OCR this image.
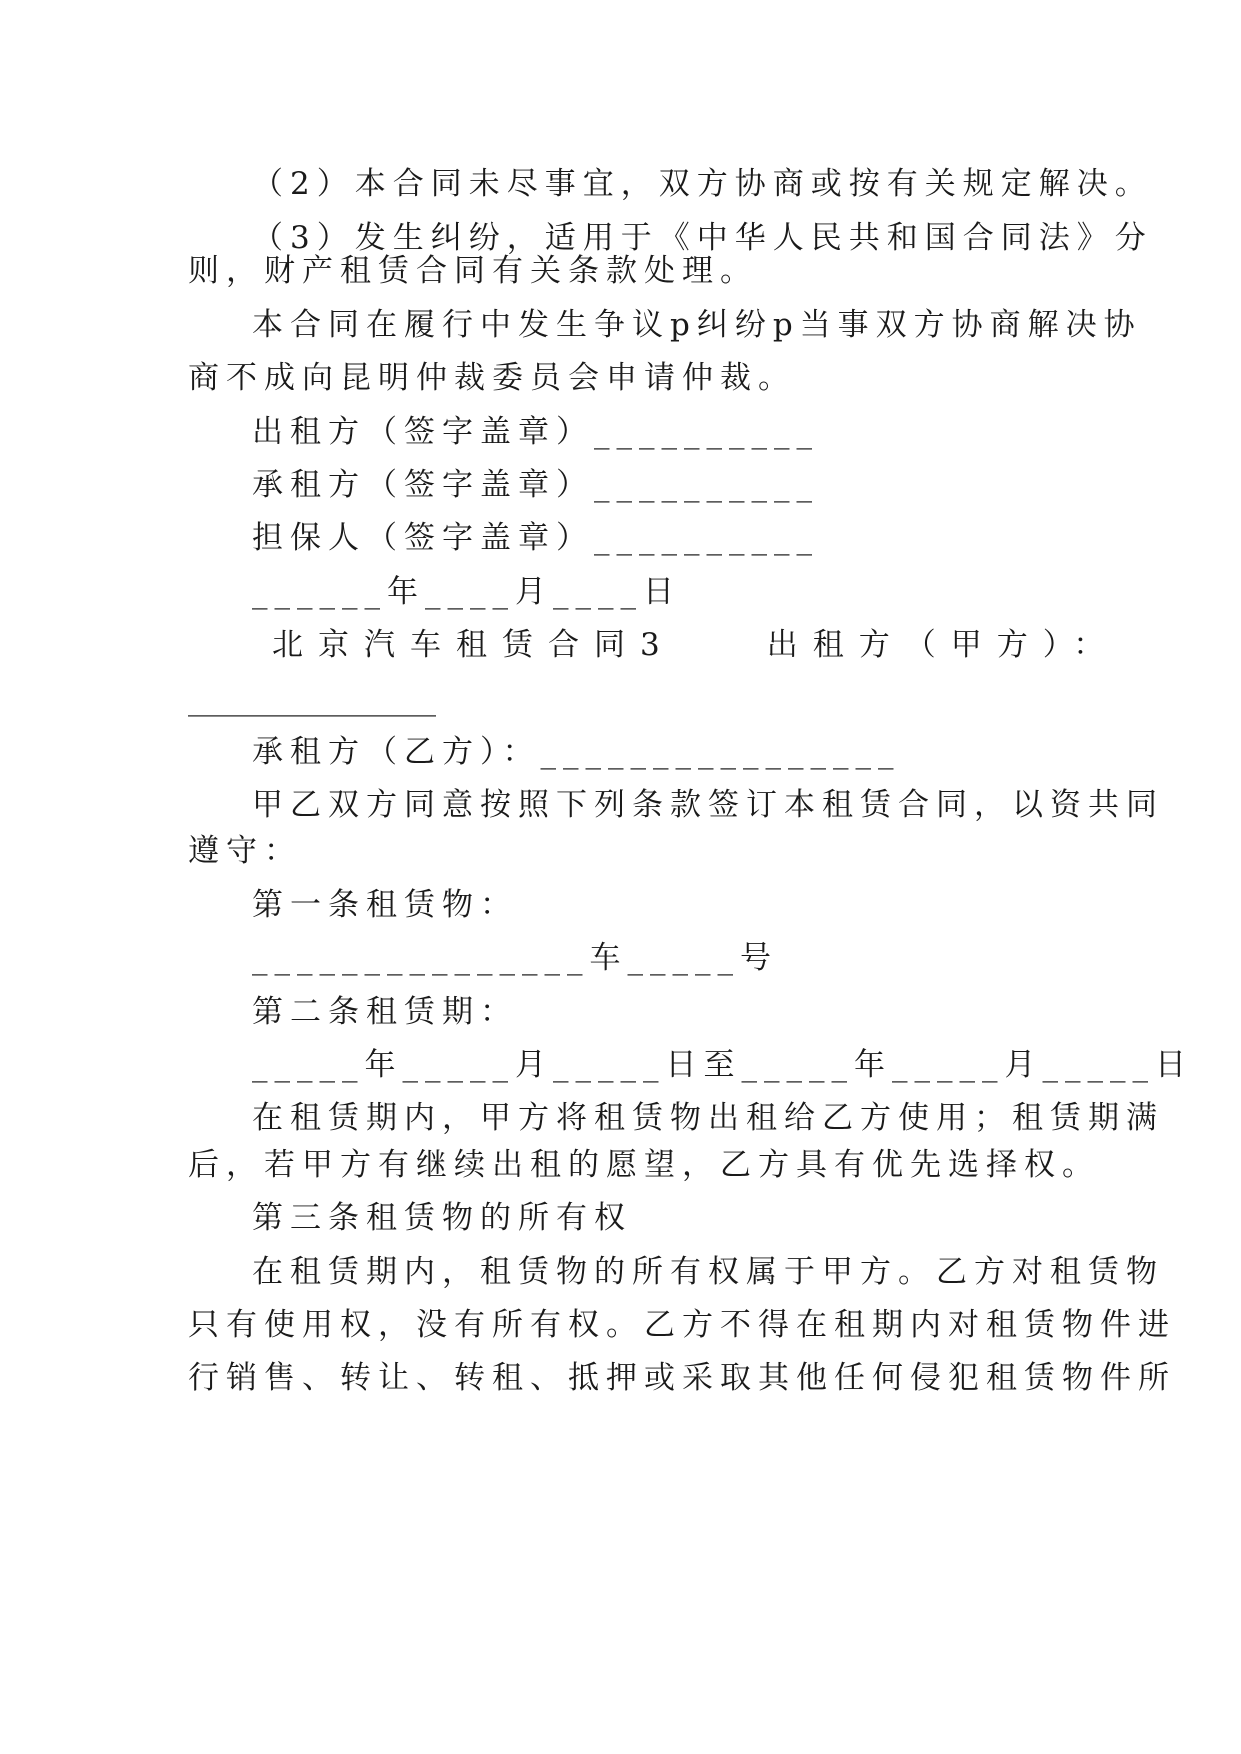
（2）本合同未尽事宜，双方协商或按有关规定解决。

（3）发生纠纷，适用于《中华人民共和国合同法》分

则，财产租赁合同有关条款处理。

本合同在履行中发生争议p纠纷p当事双方协商解决协

商不成向昆明仲裁委员会申请仲裁。

出租方（签字盖章）__________

承租方（签字盖章）__________

担保人（签字盖章）__________

______年____月____日

北京汽车租赁合同3　　出租方（甲方）：

________________

承租方（乙方）：________________

甲乙双方同意按照下列条款签订本租赁合同，以资共同

遵守：

第一条租赁物：

_______________车_____号

第二条租赁期：

_____年_____月_____日至_____年_____月_____日

在租赁期内，甲方将租赁物出租给乙方使用；租赁期满

后，若甲方有继续出租的愿望，乙方具有优先选择权。

第三条租赁物的所有权

在租赁期内，租赁物的所有权属于甲方。乙方对租赁物

只有使用权，没有所有权。乙方不得在租期内对租赁物件进

行销售、转让、转租、抵押或采取其他任何侵犯租赁物件所
